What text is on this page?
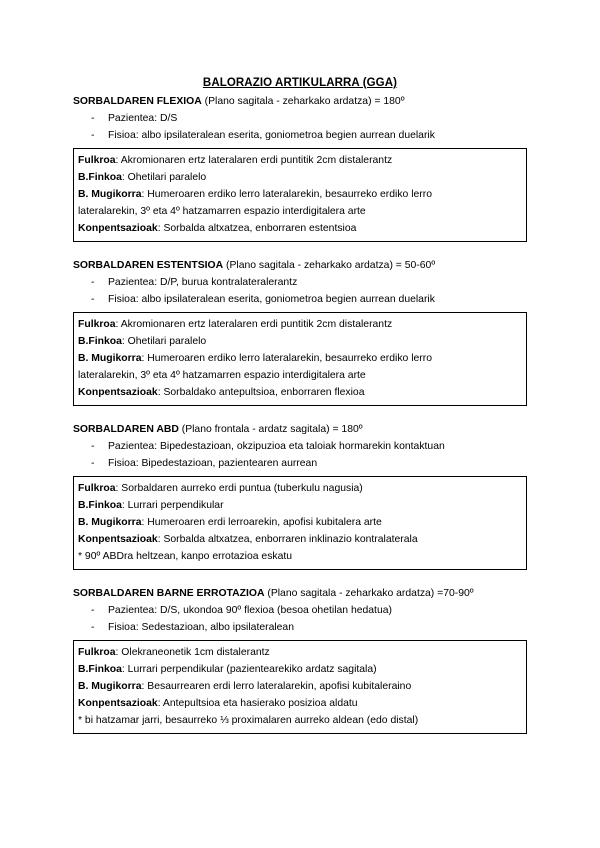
BALORAZIO ARTIKULARRA (GGA)
SORBALDAREN FLEXIOA (Plano sagitala - zeharkako ardatza) = 180º
- Pazientea: D/S
- Fisioa: albo ipsilateralean eserita, goniometroa begien aurrean duelarik
Fulkroa: Akromionaren ertz lateralaren erdi puntitik 2cm distalerantz
B.Finkoa: Ohetilari paralelo
B. Mugikorra: Humeroaren erdiko lerro lateralarekin, besaurreko erdiko lerro
lateralarekin, 3º eta 4º hatzamarren espazio interdigitalera arte
Konpentsazioak: Sorbalda altxatzea, enborraren estentsioa
SORBALDAREN ESTENTSIOA (Plano sagitala - zeharkako ardatza) = 50-60º
- Pazientea: D/P, burua kontralateralerantz
- Fisioa: albo ipsilateralean eserita, goniometroa begien aurrean duelarik
Fulkroa: Akromionaren ertz lateralaren erdi puntitik 2cm distalerantz
B.Finkoa: Ohetilari paralelo
B. Mugikorra: Humeroaren erdiko lerro lateralarekin, besaurreko erdiko lerro
lateralarekin, 3º eta 4º hatzamarren espazio interdigitalera arte
Konpentsazioak: Sorbaldako antepultsioa, enborraren flexioa
SORBALDAREN ABD (Plano frontala - ardatz sagitala) = 180º
- Pazientea: Bipedestazioan, okzipuzioa eta taloiak hormarekin kontaktuan
- Fisioa: Bipedestazioan, pazientearen aurrean
Fulkroa: Sorbaldaren aurreko erdi puntua (tuberkulu nagusia)
B.Finkoa: Lurrari perpendikular
B. Mugikorra: Humeroaren erdi lerroarekin, apofisi kubitalera arte
Konpentsazioak: Sorbalda altxatzea, enborraren inklinazio kontralaterala
* 90º ABDra heltzean, kanpo errotazioa eskatu
SORBALDAREN BARNE ERROTAZIOA (Plano sagitala - zeharkako ardatza) =70-90º
- Pazientea: D/S, ukondoa 90º flexioa (besoa ohetilan hedatua)
- Fisioa: Sedestazioan, albo ipsilateralean
Fulkroa: Olekraneonetik 1cm distalerantz
B.Finkoa: Lurrari perpendikular (pazientearekiko ardatz sagitala)
B. Mugikorra: Besaurrearen erdi lerro lateralarekin, apofisi kubitaleraino
Konpentsazioak: Antepultsioa eta hasierako posizioa aldatu
* bi hatzamar jarri, besaurreko ⅓ proximalaren aurreko aldean (edo distal)
